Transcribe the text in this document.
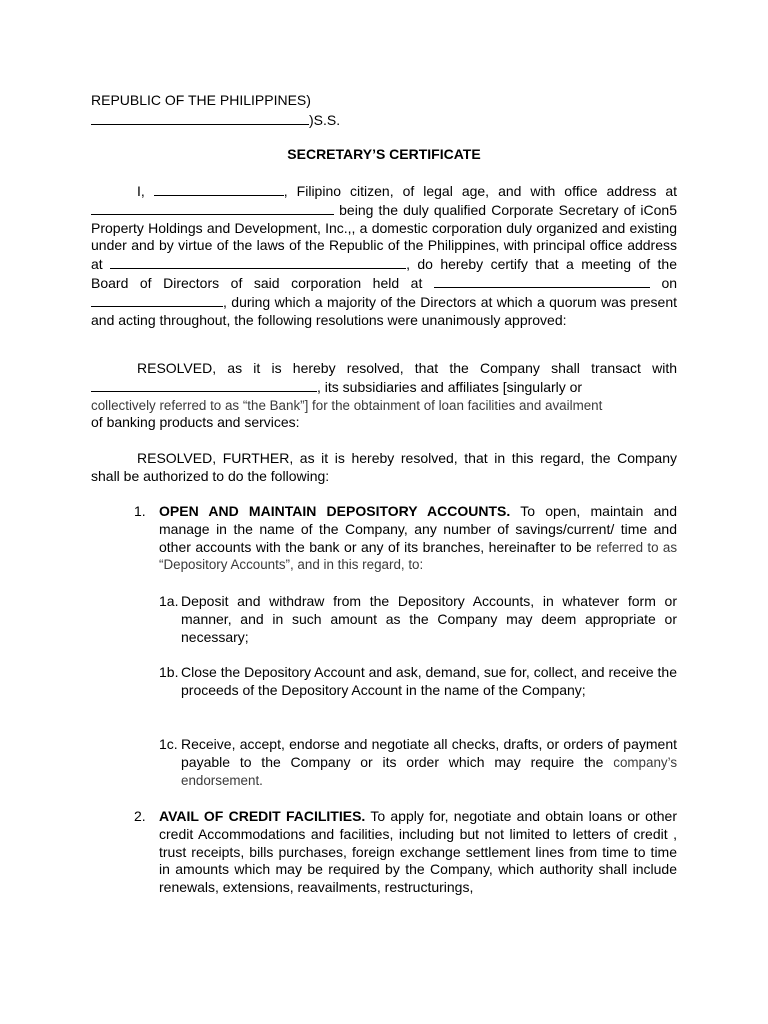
REPUBLIC OF THE PHILIPPINES)
)S.S.
SECRETARY’S CERTIFICATE
I,	, Filipino citizen, of legal age, and with office address at  being the duly qualified Corporate Secretary of iCon5 Property Holdings and Development, Inc.,, a domestic corporation duly organized and existing under and by virtue of the laws of the Republic of the Philippines, with principal office address at	, do hereby certify that a meeting of the Board of Directors of said corporation held at	on , during which a majority of the Directors at which a quorum was present and acting throughout, the following resolutions were unanimously approved:
RESOLVED, as it is hereby resolved, that the Company shall transact with, its subsidiaries and affiliates [singularly or
collectively referred to as “the Bank”] for the obtainment of loan facilities and availment
of banking products and services:
RESOLVED, FURTHER, as it is hereby resolved, that in this regard, the Company shall be authorized to do the following:
1. OPEN AND MAINTAIN DEPOSITORY ACCOUNTS. To open, maintain and manage in the name of the Company, any number of savings/current/ time and other accounts with the bank or any of its branches, hereinafter to be referred to as “Depository Accounts”, and in this regard, to:
1a. Deposit and withdraw from the Depository Accounts, in whatever form or manner, and in such amount as the Company may deem appropriate or necessary;
1b. Close the Depository Account and ask, demand, sue for, collect, and receive the proceeds of the Depository Account in the name of the Company;
1c. Receive, accept, endorse and negotiate all checks, drafts, or orders of payment payable to the Company or its order which may require the company’s endorsement.
2. AVAIL OF CREDIT FACILITIES. To apply for, negotiate and obtain loans or other credit Accommodations and facilities, including but not limited to letters of credit , trust receipts, bills purchases, foreign exchange settlement lines from time to time in amounts which may be required by the Company, which authority shall include renewals, extensions, reavailments, restructurings,
